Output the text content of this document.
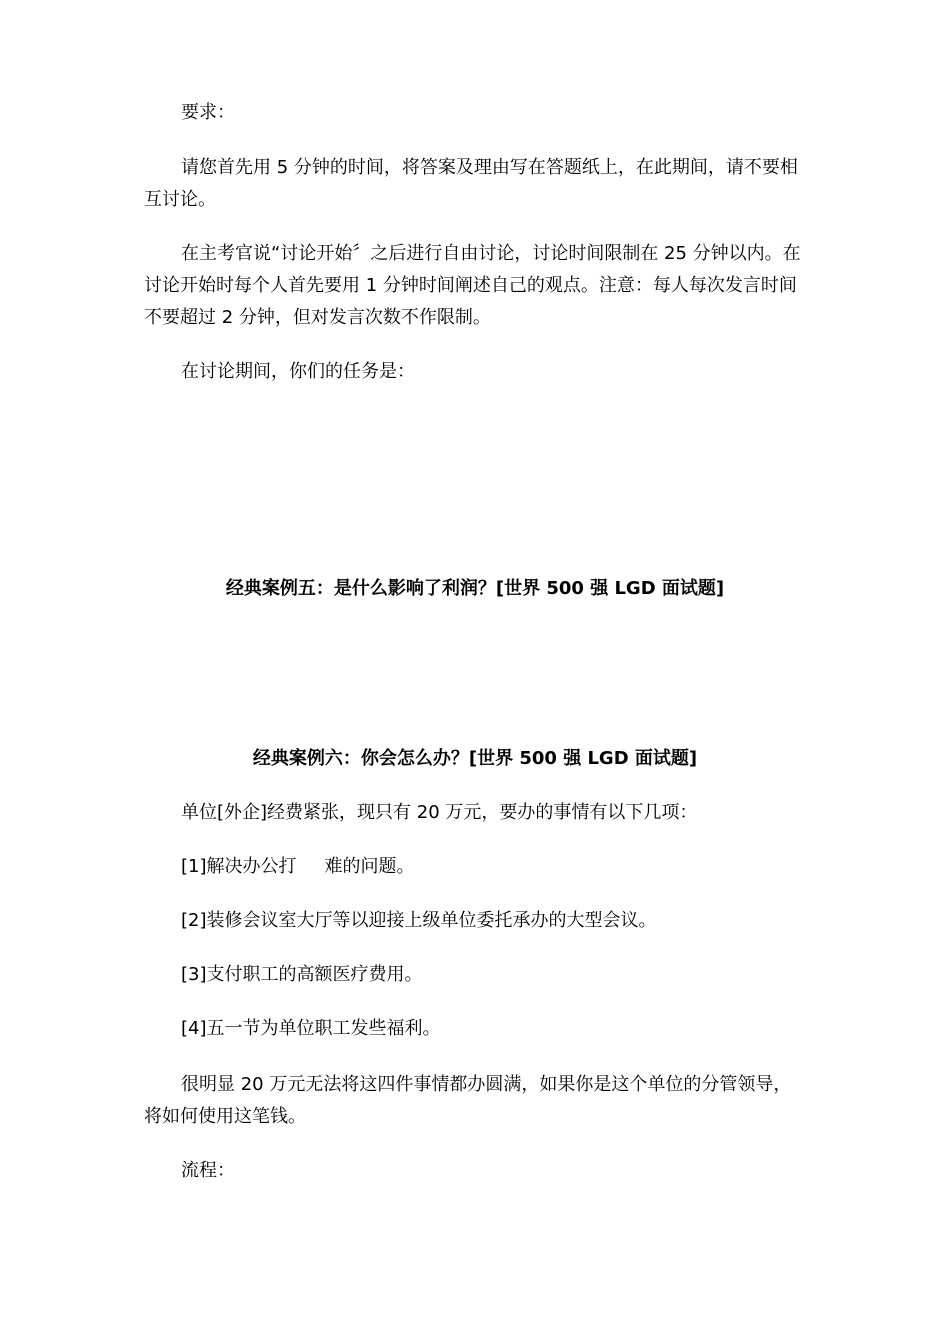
要求：

请您首先用 5 分钟的时间，将答案及理由写在答题纸上，在此期间，请不要相互讨论。

在主考官说“讨论开始〞之后进行自由讨论，讨论时间限制在 25 分钟以内。在讨论开始时每个人首先要用 1 分钟时间阐述自己的观点。注意：每人每次发言时间不要超过 2 分钟，但对发言次数不作限制。

在讨论期间，你们的任务是：

经典案例五：是什么影响了利润？[世界 500 强 LGD 面试题]

经典案例六：你会怎么办？[世界 500 强 LGD 面试题]

单位[外企]经费紧张，现只有 20 万元，要办的事情有以下几项：

[1]解决办公打 难的问题。

[2]装修会议室大厅等以迎接上级单位委托承办的大型会议。

[3]支付职工的高额医疗费用。

[4]五一节为单位职工发些福利。

很明显 20 万元无法将这四件事情都办圆满，如果你是这个单位的分管领导，将如何使用这笔钱。

流程：
